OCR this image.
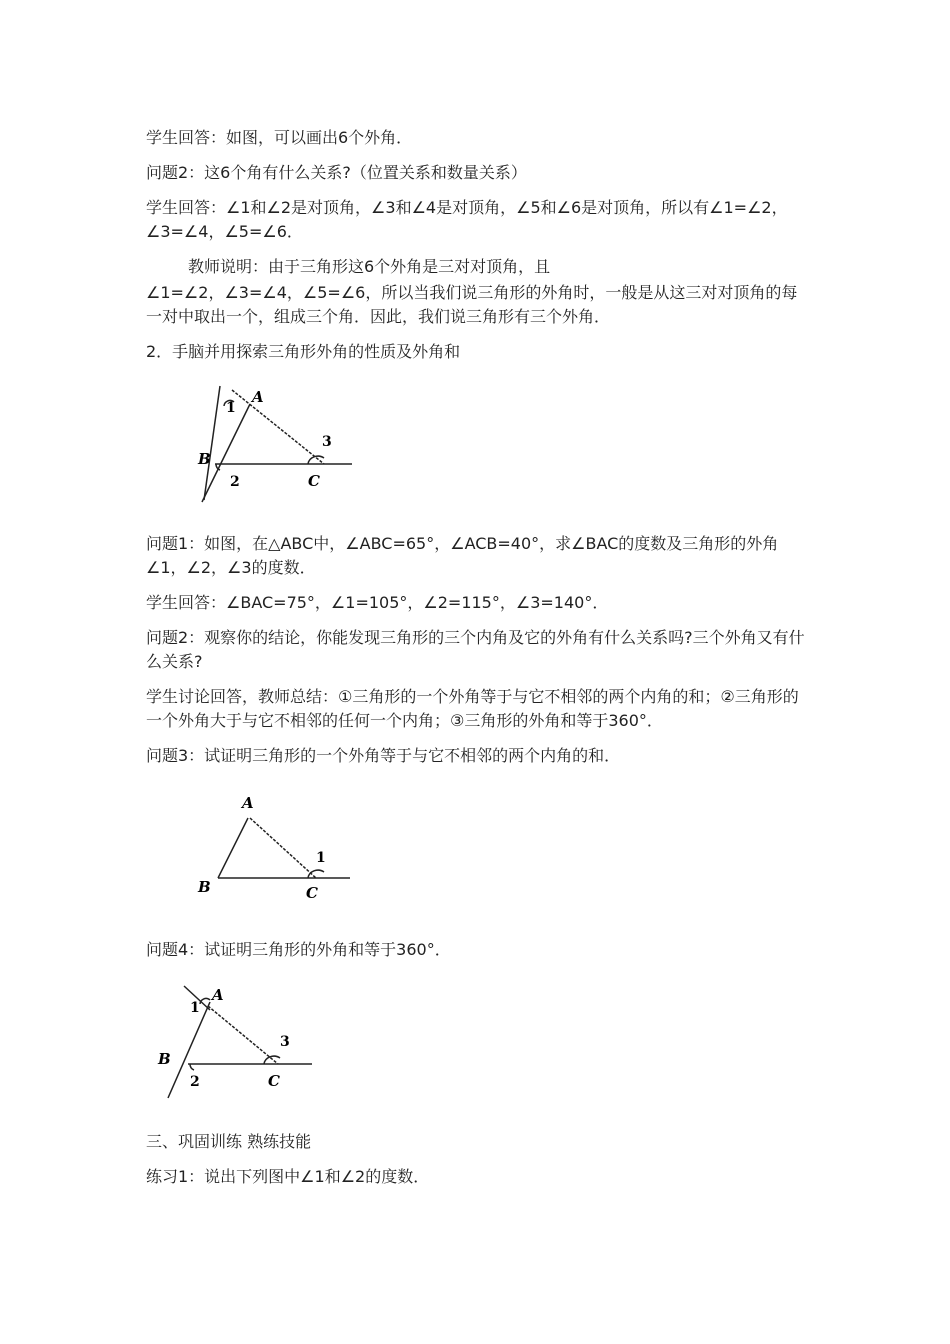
学生回答：如图，可以画出6个外角．

问题2：这6个角有什么关系?（位置关系和数量关系）

学生回答：∠1和∠2是对顶角，∠3和∠4是对顶角，∠5和∠6是对顶角，所以有∠1=∠2，∠3=∠4，∠5=∠6．

教师说明：由于三角形这6个外角是三对对顶角，且

∠1=∠2，∠3=∠4，∠5=∠6，所以当我们说三角形的外角时，一般是从这三对对顶角的每一对中取出一个，组成三个角．因此，我们说三角形有三个外角．

2．手脑并用探索三角形外角的性质及外角和

A
1
3
B
2	C

问题1：如图，在△ABC中，∠ABC=65°，∠ACB=40°，求∠BAC的度数及三角形的外角∠1，∠2，∠3的度数．

学生回答：∠BAC=75°，∠1=105°，∠2=115°，∠3=140°．

问题2：观察你的结论，你能发现三角形的三个内角及它的外角有什么关系吗?三个外角又有什么关系?

学生讨论回答，教师总结：①三角形的一个外角等于与它不相邻的两个内角的和；②三角形的一个外角大于与它不相邻的任何一个内角；③三角形的外角和等于360°．

问题3：试证明三角形的一个外角等于与它不相邻的两个内角的和．

A
1
B	C

问题4：试证明三角形的外角和等于360°．

A
1
3
B
2	C

三、巩固训练 熟练技能

练习1：说出下列图中∠1和∠2的度数．
